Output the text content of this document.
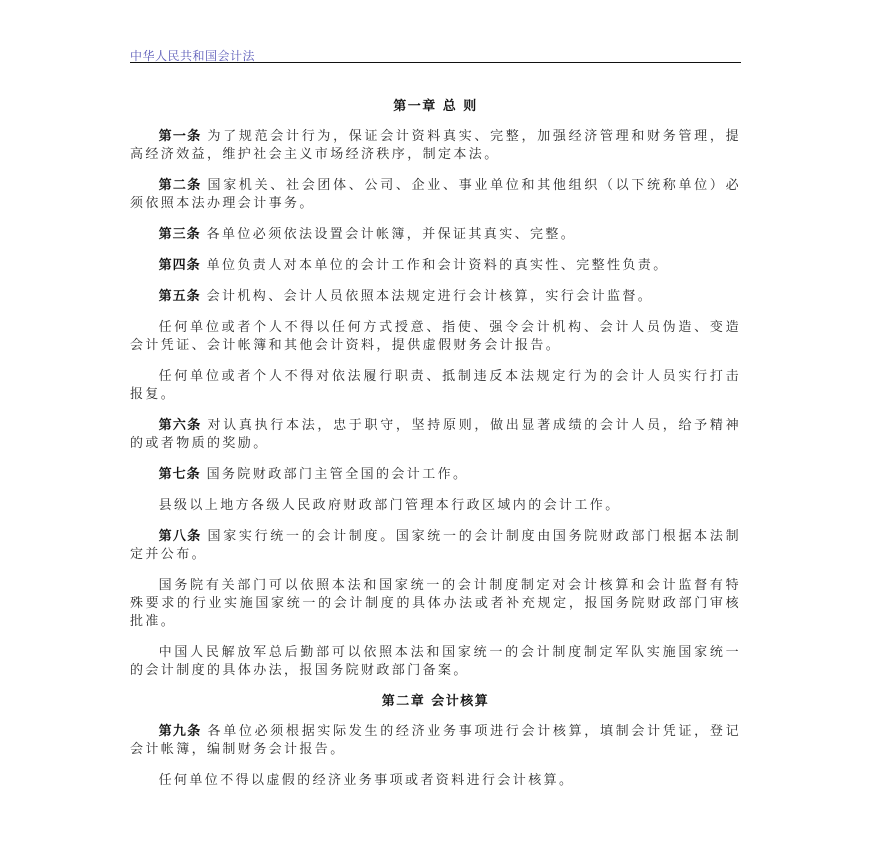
中华人民共和国会计法
第一章 总 则

第一条 为了规范会计行为，保证会计资料真实、完整，加强经济管理和财务管理，提高经济效益，维护社会主义市场经济秩序，制定本法。

第二条 国家机关、社会团体、公司、企业、事业单位和其他组织（以下统称单位）必须依照本法办理会计事务。

第三条 各单位必须依法设置会计帐簿，并保证其真实、完整。

第四条 单位负责人对本单位的会计工作和会计资料的真实性、完整性负责。

第五条 会计机构、会计人员依照本法规定进行会计核算，实行会计监督。

任何单位或者个人不得以任何方式授意、指使、强令会计机构、会计人员伪造、变造会计凭证、会计帐簿和其他会计资料，提供虚假财务会计报告。

任何单位或者个人不得对依法履行职责、抵制违反本法规定行为的会计人员实行打击报复。

第六条 对认真执行本法，忠于职守，坚持原则，做出显著成绩的会计人员，给予精神的或者物质的奖励。

第七条 国务院财政部门主管全国的会计工作。

县级以上地方各级人民政府财政部门管理本行政区域内的会计工作。

第八条 国家实行统一的会计制度。国家统一的会计制度由国务院财政部门根据本法制定并公布。

国务院有关部门可以依照本法和国家统一的会计制度制定对会计核算和会计监督有特殊要求的行业实施国家统一的会计制度的具体办法或者补充规定，报国务院财政部门审核批准。

中国人民解放军总后勤部可以依照本法和国家统一的会计制度制定军队实施国家统一的会计制度的具体办法，报国务院财政部门备案。

第二章 会计核算

第九条 各单位必须根据实际发生的经济业务事项进行会计核算，填制会计凭证，登记会计帐簿，编制财务会计报告。

任何单位不得以虚假的经济业务事项或者资料进行会计核算。
